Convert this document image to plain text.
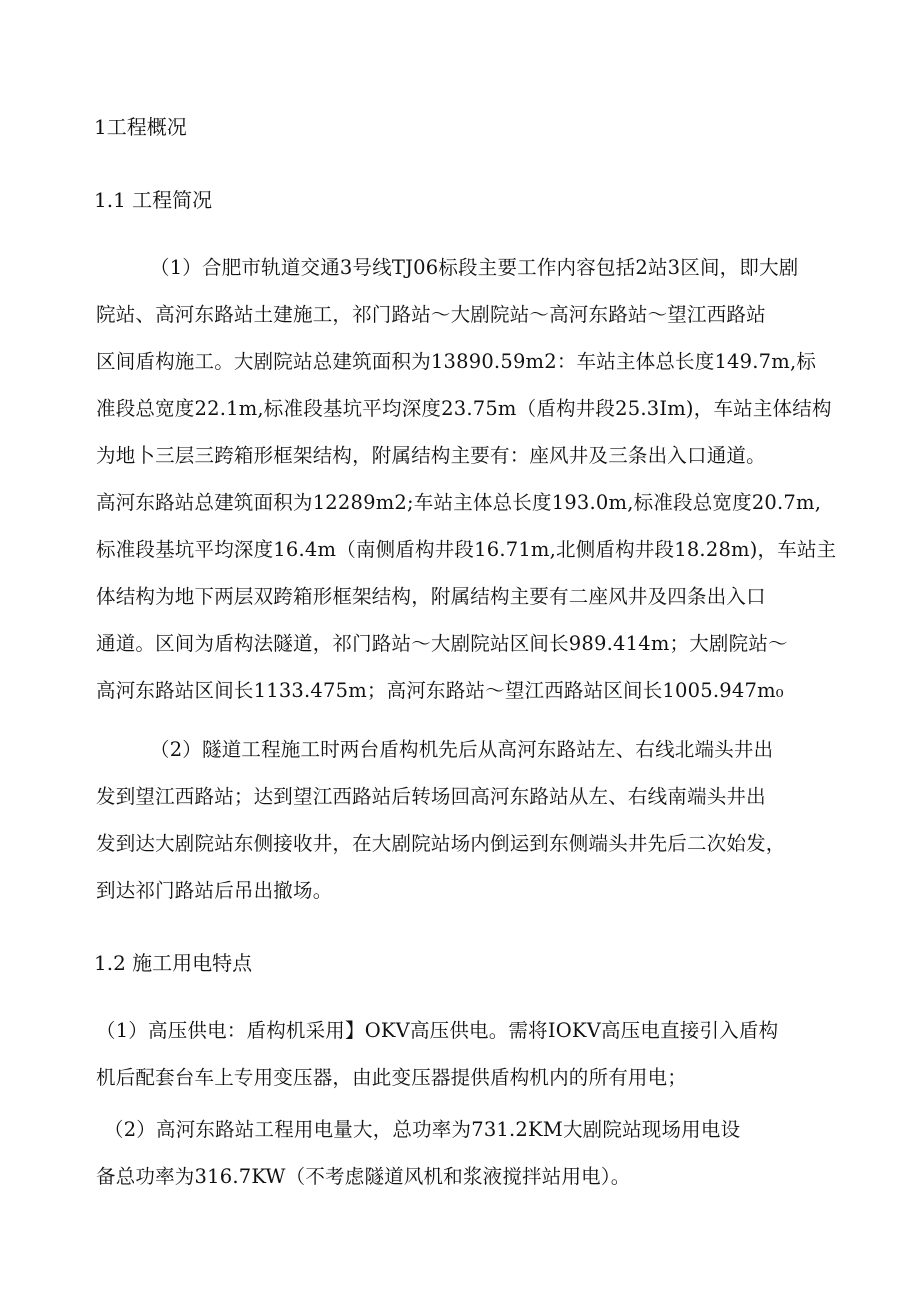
1工程概况
1.1 工程简况
（1）合肥市轨道交通3号线TJ06标段主要工作内容包括2站3区间，即大剧
院站、高河东路站土建施工，祁门路站～大剧院站～高河东路站～望江西路站
区间盾构施工。大剧院站总建筑面积为13890.59m2：车站主体总长度149.7m,标
准段总宽度22.1m,标准段基坑平均深度23.75m（盾构井段25.3Im)，车站主体结构
为地卜三层三跨箱形框架结构，附属结构主要有：座风井及三条出入口通道。
高河东路站总建筑面积为12289m2;车站主体总长度193.0m,标准段总宽度20.7m,
标准段基坑平均深度16.4m（南侧盾构井段16.71m,北侧盾构井段18.28m)，车站主
体结构为地下两层双跨箱形框架结构，附属结构主要有二座风井及四条出入口
通道。区间为盾构法隧道，祁门路站～大剧院站区间长989.414m；大剧院站～
高河东路站区间长1133.475m；高河东路站～望江西路站区间长1005.947m₀
（2）隧道工程施工时两台盾构机先后从高河东路站左、右线北端头井出
发到望江西路站；达到望江西路站后转场回高河东路站从左、右线南端头井出
发到达大剧院站东侧接收井，在大剧院站场内倒运到东侧端头井先后二次始发，
到达祁门路站后吊出撤场。
1.2 施工用电特点
（1）高压供电：盾构机采用】OKV高压供电。需将IOKV高压电直接引入盾构
机后配套台车上专用变压器，由此变压器提供盾构机内的所有用电；
（2）高河东路站工程用电量大，总功率为731.2KM大剧院站现场用电设
备总功率为316.7KW（不考虑隧道风机和浆液搅拌站用电）。
